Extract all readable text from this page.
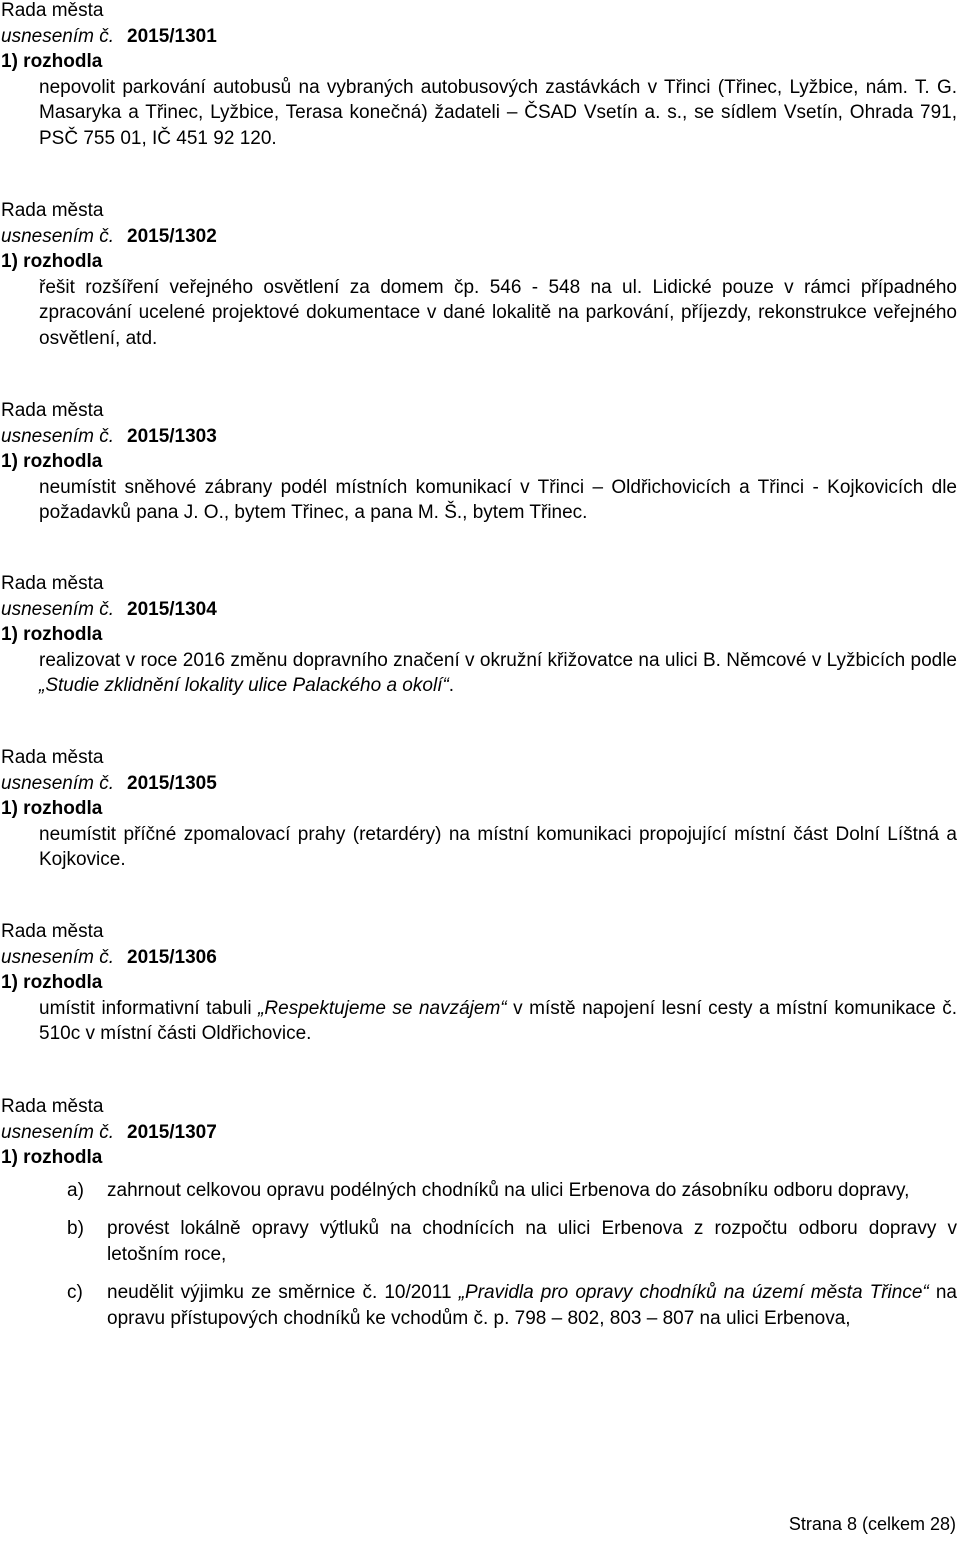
Rada města
usnesením č. 2015/1301
1) rozhodla
nepovolit parkování autobusů na vybraných autobusových zastávkách v Třinci (Třinec, Lyžbice, nám. T. G. Masaryka a Třinec, Lyžbice, Terasa konečná) žadateli – ČSAD Vsetín a. s., se sídlem Vsetín, Ohrada 791, PSČ 755 01, IČ 451 92 120.
Rada města
usnesením č. 2015/1302
1) rozhodla
řešit rozšíření veřejného osvětlení za domem čp. 546 - 548 na ul. Lidické pouze v rámci případného zpracování ucelené projektové dokumentace v dané lokalitě na parkování, příjezdy, rekonstrukce veřejného osvětlení, atd.
Rada města
usnesením č. 2015/1303
1) rozhodla
neumístit sněhové zábrany podél místních komunikací v Třinci – Oldřichovicích a Třinci - Kojkovicích dle požadavků pana J. O., bytem Třinec, a pana M. Š., bytem Třinec.
Rada města
usnesením č. 2015/1304
1) rozhodla
realizovat v roce 2016 změnu dopravního značení v okružní křižovatce na ulici B. Němcové v Lyžbicích podle „Studie zklidnění lokality ulice Palackého a okolí“.
Rada města
usnesením č. 2015/1305
1) rozhodla
neumístit příčné zpomalovací prahy (retardéry) na místní komunikaci propojující místní část Dolní Líštná a Kojkovice.
Rada města
usnesením č. 2015/1306
1) rozhodla
umístit informativní tabuli „Respektujeme se navzájem“ v místě napojení lesní cesty a místní komunikace č. 510c v místní části Oldřichovice.
Rada města
usnesením č. 2015/1307
1) rozhodla
a) zahrnout celkovou opravu podélných chodníků na ulici Erbenova do zásobníku odboru dopravy,
b) provést lokálně opravy výtluků na chodnících na ulici Erbenova z rozpočtu odboru dopravy v letošním roce,
c) neudělit výjimku ze směrnice č. 10/2011 „Pravidla pro opravy chodníků na území města Třince“ na opravu přístupových chodníků ke vchodům č. p. 798 – 802, 803 – 807 na ulici Erbenova,
Strana 8 (celkem 28)
